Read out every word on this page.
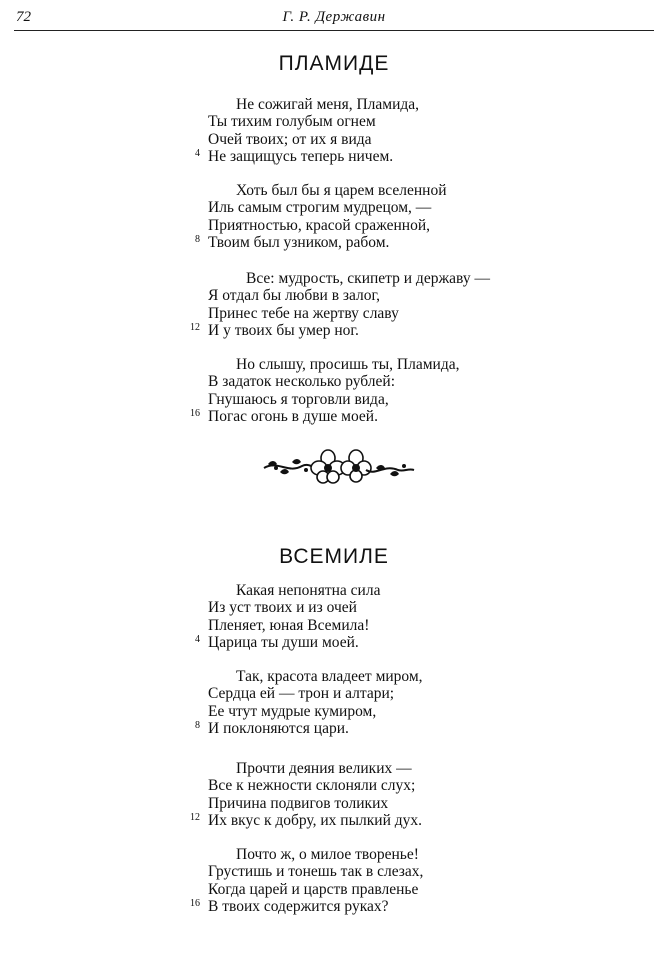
72	Г. Р. Державин
ПЛАМИДЕ
Не сожигай меня, Пламида,
Ты тихим голубым огнем
Очей твоих; от их я вида
4 Не защищусь теперь ничем.
Хоть был бы я царем вселенной
Иль самым строгим мудрецом, —
Приятностью, красой сраженной,
8 Твоим был узником, рабом.
Все: мудрость, скипетр и державу —
Я отдал бы любви в залог,
Принес тебе на жертву славу
12 И у твоих бы умер ног.
Но слышу, просишь ты, Пламида,
В задаток несколько рублей:
Гнушаюсь я торговли вида,
16 Погас огонь в душе моей.
ВСЕМИЛЕ
Какая непонятна сила
Из уст твоих и из очей
Пленяет, юная Всемила!
4 Царица ты души моей.
Так, красота владеет миром,
Сердца ей — трон и алтари;
Ее чтут мудрые кумиром,
8 И поклоняются цари.
Прочти деяния великих —
Все к нежности склоняли слух;
Причина подвигов толиких
12 Их вкус к добру, их пылкий дух.
Почто ж, о милое творенье!
Грустишь и тонешь так в слезах,
Когда царей и царств правленье
16 В твоих содержится руках?
